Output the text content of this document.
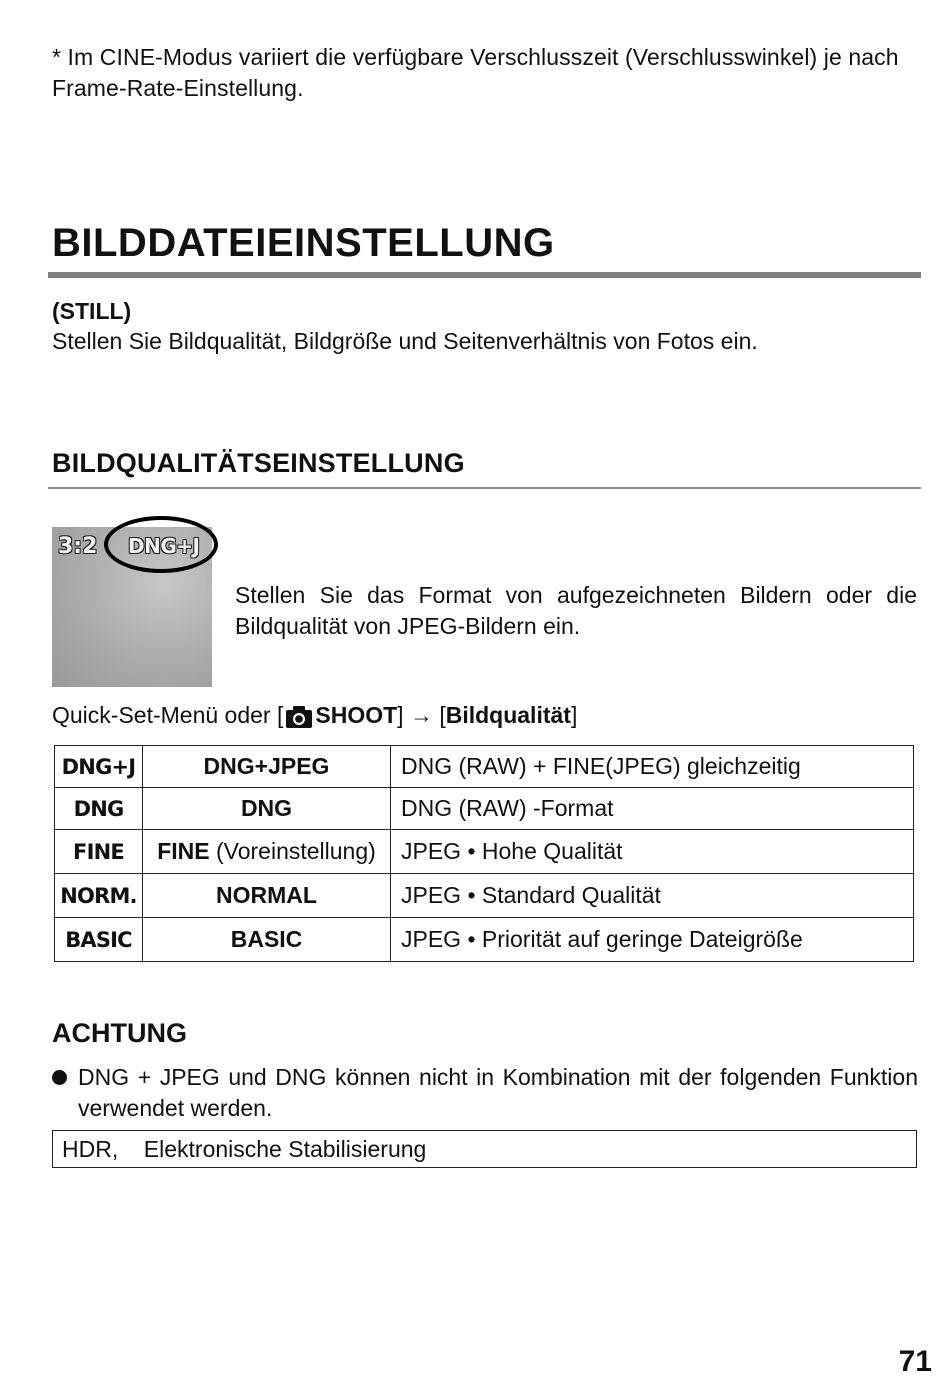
* Im CINE-Modus variiert die verfügbare Verschlusszeit (Verschlusswinkel) je nach Frame-Rate-Einstellung.
BILDDATEIEINSTELLUNG
(STILL)
Stellen Sie Bildqualität, Bildgröße und Seitenverhältnis von Fotos ein.
BILDQUALITÄTSEINSTELLUNG
3:2 DNG+J
Stellen Sie das Format von aufgezeichneten Bildern oder die Bildqualität von JPEG-Bildern ein.
Quick-Set-Menü oder [ SHOOT ] → [ Bildqualität ]
DNG+J	DNG+JPEG	DNG (RAW) + FINE(JPEG) gleichzeitig
DNG	DNG	DNG (RAW) -Format
FINE	FINE (Voreinstellung)	JPEG • Hohe Qualität
NORM.	NORMAL	JPEG • Standard Qualität
BASIC	BASIC	JPEG • Priorität auf geringe Dateigröße
ACHTUNG
DNG + JPEG und DNG können nicht in Kombination mit der folgenden Funktion verwendet werden.
HDR,    Elektronische Stabilisierung
71
